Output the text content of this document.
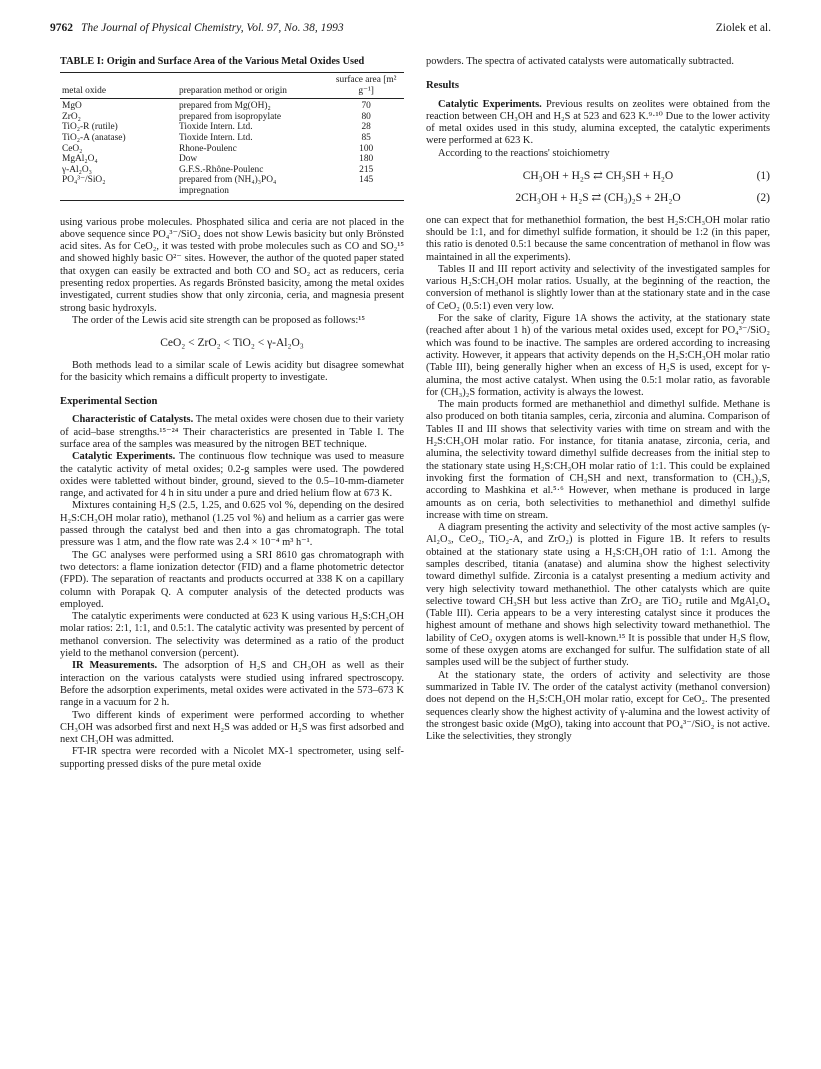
9762 The Journal of Physical Chemistry, Vol. 97, No. 38, 1993	Ziolek et al.
TABLE I: Origin and Surface Area of the Various Metal Oxides Used
metal oxide	preparation method or origin	surface area [m² g⁻¹]
MgO	prepared from Mg(OH)₂	70
ZrO₂	prepared from isopropylate	80
TiO₂-R (rutile)	Tioxide Intern. Ltd.	28
TiO₂-A (anatase)	Tioxide Intern. Ltd.	85
CeO₂	Rhone-Poulenc	100
MgAl₂O₄	Dow	180
γ-Al₂O₃	G.F.S.-Rhône-Poulenc	215
PO₄³⁻/SiO₂	prepared from (NH₄)₃PO₄ impregnation	145

using various probe molecules. Phosphated silica and ceria are not placed in the above sequence since PO₄³⁻/SiO₂ does not show Lewis basicity but only Brönsted acid sites. As for CeO₂, it was tested with probe molecules such as CO and SO₂¹⁵ and showed highly basic O²⁻ sites. However, the author of the quoted paper stated that oxygen can easily be extracted and both CO and SO₂ act as reducers, ceria presenting redox properties. As regards Brönsted basicity, among the metal oxides investigated, current studies show that only zirconia, ceria, and magnesia present strong basic hydroxyls.

The order of the Lewis acid site strength can be proposed as follows:¹⁵

CeO₂ < ZrO₂ < TiO₂ < γ-Al₂O₃

Both methods lead to a similar scale of Lewis acidity but disagree somewhat for the basicity which remains a difficult property to investigate.

Experimental Section

Characteristic of Catalysts. The metal oxides were chosen due to their variety of acid–base strengths.¹⁵⁻²⁴ Their characteristics are presented in Table I. The surface area of the samples was measured by the nitrogen BET technique.

Catalytic Experiments. The continuous flow technique was used to measure the catalytic activity of metal oxides; 0.2-g samples were used. The powdered oxides were tabletted without binder, ground, sieved to the 0.5–10-mm-diameter range, and activated for 4 h in situ under a pure and dried helium flow at 673 K.

Mixtures containing H₂S (2.5, 1.25, and 0.625 vol %, depending on the desired H₂S:CH₃OH molar ratio), methanol (1.25 vol %) and helium as a carrier gas were passed through the catalyst bed and then into a gas chromatograph. The total pressure was 1 atm, and the flow rate was 2.4 × 10⁻⁴ m³ h⁻¹.

The GC analyses were performed using a SRI 8610 gas chromatograph with two detectors: a flame ionization detector (FID) and a flame photometric detector (FPD). The separation of reactants and products occurred at 338 K on a capillary column with Porapak Q. A computer analysis of the detected products was employed.

The catalytic experiments were conducted at 623 K using various H₂S:CH₃OH molar ratios: 2:1, 1:1, and 0.5:1. The catalytic activity was presented by percent of methanol conversion. The selectivity was determined as a ratio of the product yield to the methanol conversion (percent).

IR Measurements. The adsorption of H₂S and CH₃OH as well as their interaction on the various catalysts were studied using infrared spectroscopy. Before the adsorption experiments, metal oxides were activated in the 573–673 K range in a vacuum for 2 h.

Two different kinds of experiment were performed according to whether CH₃OH was adsorbed first and next H₂S was added or H₂S was first adsorbed and next CH₃OH was admitted.

FT-IR spectra were recorded with a Nicolet MX-1 spectrometer, using self-supporting pressed disks of the pure metal oxide

powders. The spectra of activated catalysts were automatically subtracted.

Results

Catalytic Experiments. Previous results on zeolites were obtained from the reaction between CH₃OH and H₂S at 523 and 623 K.⁹·¹⁰ Due to the lower activity of metal oxides used in this study, alumina excepted, the catalytic experiments were performed at 623 K.

According to the reactions' stoichiometry

CH₃OH + H₂S ⇄ CH₃SH + H₂O	(1)
2CH₃OH + H₂S ⇄ (CH₃)₂S + 2H₂O	(2)

one can expect that for methanethiol formation, the best H₂S:CH₃OH molar ratio should be 1:1, and for dimethyl sulfide formation, it should be 1:2 (in this paper, this ratio is denoted 0.5:1 because the same concentration of methanol in flow was maintained in all the experiments).

Tables II and III report activity and selectivity of the investigated samples for various H₂S:CH₃OH molar ratios. Usually, at the beginning of the reaction, the conversion of methanol is slightly lower than at the stationary state and in the case of CeO₂ (0.5:1) even very low.

For the sake of clarity, Figure 1A shows the activity, at the stationary state (reached after about 1 h) of the various metal oxides used, except for PO₄³⁻/SiO₂ which was found to be inactive. The samples are ordered according to increasing activity. However, it appears that activity depends on the H₂S:CH₃OH molar ratio (Table III), being generally higher when an excess of H₂S is used, except for γ-alumina, the most active catalyst. When using the 0.5:1 molar ratio, as favorable for (CH₃)₂S formation, activity is always the lowest.

The main products formed are methanethiol and dimethyl sulfide. Methane is also produced on both titania samples, ceria, zirconia and alumina. Comparison of Tables II and III shows that selectivity varies with time on stream and with the H₂S:CH₃OH molar ratio. For instance, for titania anatase, zirconia, ceria, and alumina, the selectivity toward dimethyl sulfide decreases from the initial step to the stationary state using H₂S:CH₃OH molar ratio of 1:1. This could be explained invoking first the formation of CH₃SH and next, transformation to (CH₃)₂S, according to Mashkina et al.⁵·⁶ However, when methane is produced in large amounts as on ceria, both selectivities to methanethiol and dimethyl sulfide increase with time on stream.

A diagram presenting the activity and selectivity of the most active samples (γ-Al₂O₃, CeO₂, TiO₂-A, and ZrO₂) is plotted in Figure 1B. It refers to results obtained at the stationary state using a H₂S:CH₃OH ratio of 1:1. Among the samples described, titania (anatase) and alumina show the highest selectivity toward dimethyl sulfide. Zirconia is a catalyst presenting a medium activity and very high selectivity toward methanethiol. The other catalysts which are quite selective toward CH₃SH but less active than ZrO₂ are TiO₂ rutile and MgAl₂O₄ (Table III). Ceria appears to be a very interesting catalyst since it produces the highest amount of methane and shows high selectivity toward methanethiol. The lability of CeO₂ oxygen atoms is well-known.¹⁵ It is possible that under H₂S flow, some of these oxygen atoms are exchanged for sulfur. The sulfidation state of all samples used will be the subject of further study.

At the stationary state, the orders of activity and selectivity are those summarized in Table IV. The order of the catalyst activity (methanol conversion) does not depend on the H₂S:CH₃OH molar ratio, except for CeO₂. The presented sequences clearly show the highest activity of γ-alumina and the lowest activity of the strongest basic oxide (MgO), taking into account that PO₄³⁻/SiO₂ is not active. Like the selectivities, they strongly
